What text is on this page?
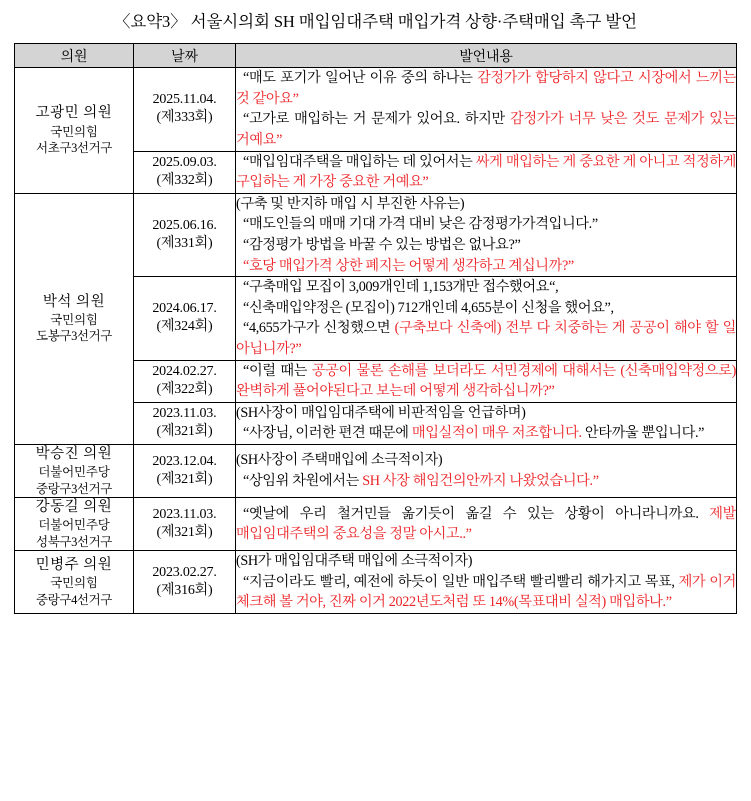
〈요약3〉 서울시의회 SH 매입임대주택 매입가격 상향·주택매입 촉구 발언
의원	날짜	발언내용

고광민 의원
국민의힘
서초구3선거구	2025.11.04.
(제333회)	“매도 포기가 일어난 이유 중의 하나는 감정가가 합당하지 않다고 시장에서 느끼는 것 같아요”
“고가로 매입하는 거 문제가 있어요. 하지만 감정가가 너무 낮은 것도 문제가 있는 거예요”

	2025.09.03.
(제332회)	“매입임대주택을 매입하는 데 있어서는 싸게 매입하는 게 중요한 게 아니고 적정하게 구입하는 게 가장 중요한 거예요”

박석 의원
국민의힘
도봉구3선거구	2025.06.16.
(제331회)	(구축 및 반지하 매입 시 부진한 사유는)
“매도인들의 매매 기대 가격 대비 낮은 감정평가가격입니다.”
“감정평가 방법을 바꿀 수 있는 방법은 없나요?”
“호당 매입가격 상한 폐지는 어떻게 생각하고 계십니까?”

	2024.06.17.
(제324회)	“구축매입 모집이 3,009개인데 1,153개만 접수했어요“,
“신축매입약정은 (모집이) 712개인데 4,655분이 신청을 했어요”,
“4,655가구가 신청했으면 (구축보다 신축에) 전부 다 치중하는 게 공공이 해야 할 일 아닙니까?”

	2024.02.27.
(제322회)	“이럴 때는 공공이 물론 손해를 보더라도 서민경제에 대해서는 (신축매입약정으로) 완벽하게 풀어야된다고 보는데 어떻게 생각하십니까?”

	2023.11.03.
(제321회)	(SH사장이 매입임대주택에 비판적임을 언급하며)
“사장님, 이러한 편견 때문에 매입실적이 매우 저조합니다. 안타까울 뿐입니다.”

박승진 의원
더불어민주당
중랑구3선거구	2023.12.04.
(제321회)	(SH사장이 주택매입에 소극적이자)
“상임위 차원에서는 SH 사장 해임건의안까지 나왔었습니다.”

강동길 의원
더불어민주당
성북구3선거구	2023.11.03.
(제321회)	“옛날에 우리 철거민들 옮기듯이 옮길 수 있는 상황이 아니라니까요. 제발 매입임대주택의 중요성을 정말 아시고..”

민병주 의원
국민의힘
중랑구4선거구	2023.02.27.
(제316회)	(SH가 매입임대주택 매입에 소극적이자)
“지금이라도 빨리, 예전에 하듯이 일반 매입주택 빨리빨리 해가지고 목표, 제가 이거 체크해 볼 거야, 진짜 이거 2022년도처럼 또 14%(목표대비 실적) 매입하나.”
